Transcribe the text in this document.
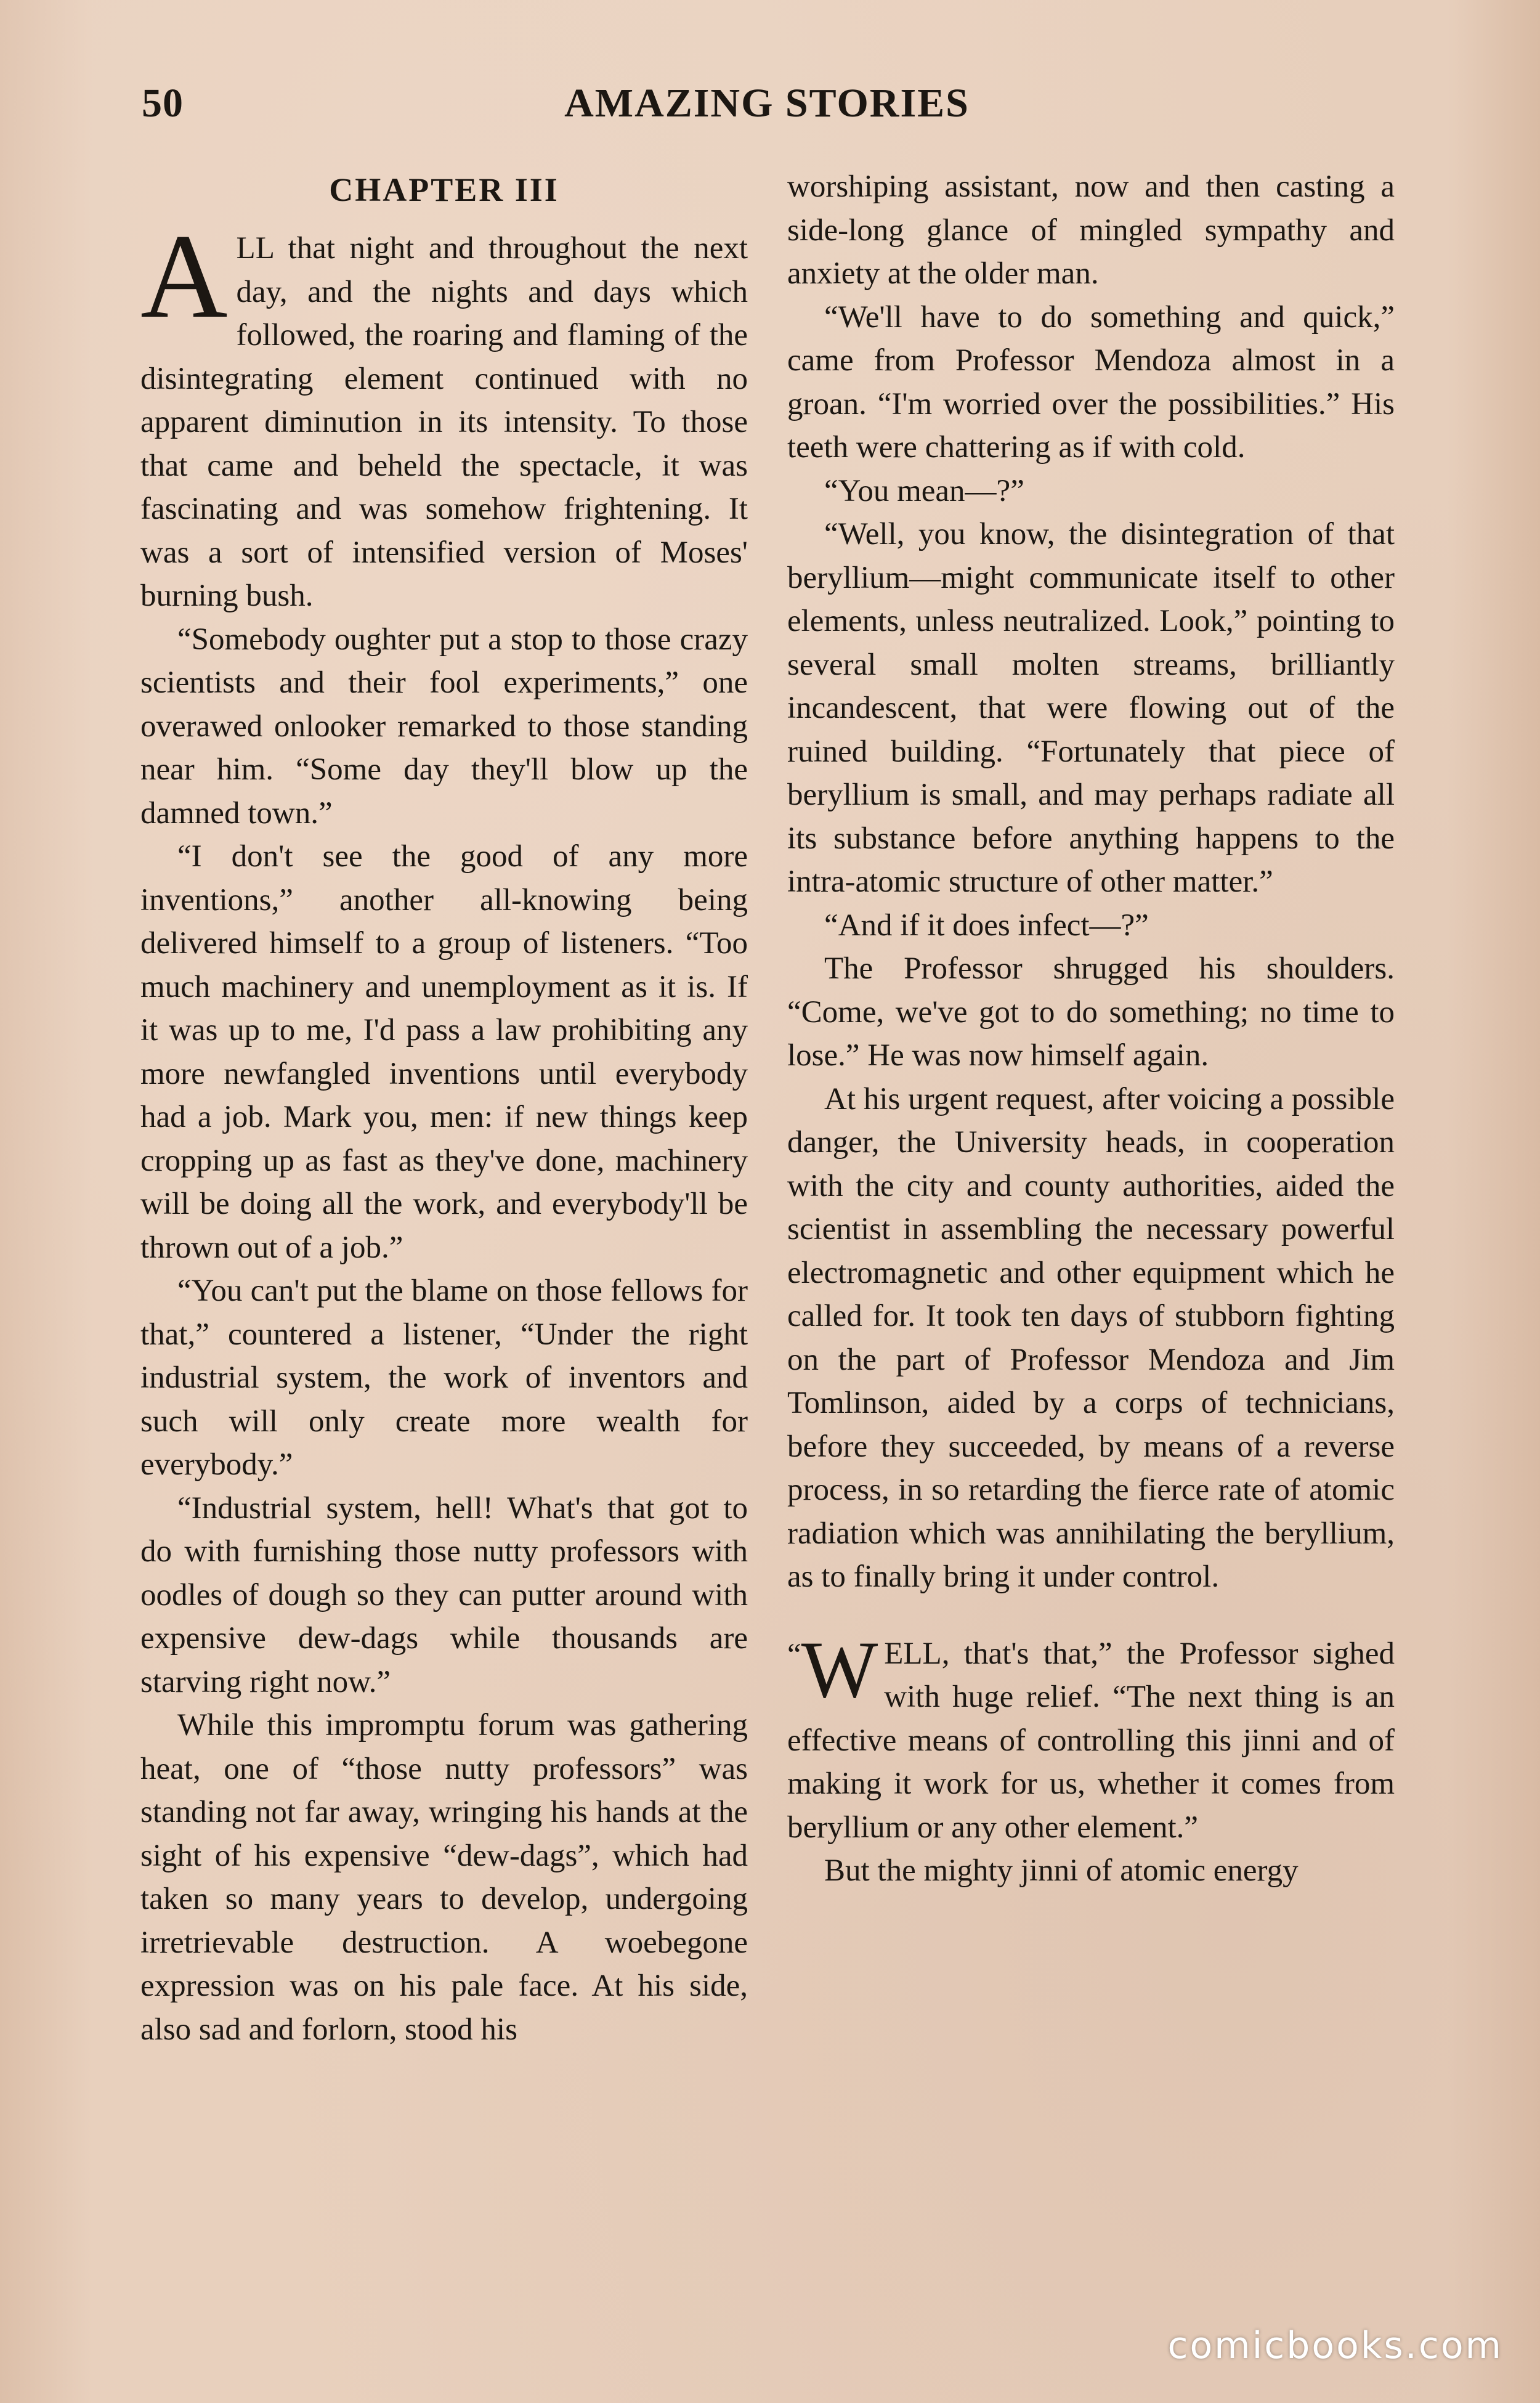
50	AMAZING STORIES
CHAPTER III

ALL that night and throughout the next day, and the nights and days which followed, the roaring and flaming of the disintegrating element continued with no apparent diminution in its intensity. To those that came and beheld the spectacle, it was fascinating and was somehow frightening. It was a sort of intensified version of Moses' burning bush.

“Somebody oughter put a stop to those crazy scientists and their fool experiments,” one overawed onlooker remarked to those standing near him. “Some day they'll blow up the damned town.”

“I don't see the good of any more inventions,” another all-knowing being delivered himself to a group of listeners. “Too much machinery and unemployment as it is. If it was up to me, I'd pass a law prohibiting any more newfangled inventions until everybody had a job. Mark you, men: if new things keep cropping up as fast as they've done, machinery will be doing all the work, and everybody'll be thrown out of a job.”

“You can't put the blame on those fellows for that,” countered a listener, “Under the right industrial system, the work of inventors and such will only create more wealth for everybody.”

“Industrial system, hell! What's that got to do with furnishing those nutty professors with oodles of dough so they can putter around with expensive dew-dags while thousands are starving right now.”

While this impromptu forum was gathering heat, one of “those nutty professors” was standing not far away, wringing his hands at the sight of his expensive “dew-dags”, which had taken so many years to develop, undergoing irretrievable destruction. A woebegone expression was on his pale face. At his side, also sad and forlorn, stood his

worshiping assistant, now and then casting a side-long glance of mingled sympathy and anxiety at the older man.

“We'll have to do something and quick,” came from Professor Mendoza almost in a groan. “I'm worried over the possibilities.” His teeth were chattering as if with cold.

“You mean—?”

“Well, you know, the disintegration of that beryllium—might communicate itself to other elements, unless neutralized. Look,” pointing to several small molten streams, brilliantly incandescent, that were flowing out of the ruined building. “Fortunately that piece of beryllium is small, and may perhaps radiate all its substance before anything happens to the intra-atomic structure of other matter.”

“And if it does infect—?”

The Professor shrugged his shoulders. “Come, we've got to do something; no time to lose.” He was now himself again.

At his urgent request, after voicing a possible danger, the University heads, in cooperation with the city and county authorities, aided the scientist in assembling the necessary powerful electromagnetic and other equipment which he called for. It took ten days of stubborn fighting on the part of Professor Mendoza and Jim Tomlinson, aided by a corps of technicians, before they succeeded, by means of a reverse process, in so retarding the fierce rate of atomic radiation which was annihilating the beryllium, as to finally bring it under control.

“ W ELL, that's that,” the Professor sighed with huge relief. “The next thing is an effective means of controlling this jinni and of making it work for us, whether it comes from beryllium or any other element.”

But the mighty jinni of atomic energy

comicbooks.com
